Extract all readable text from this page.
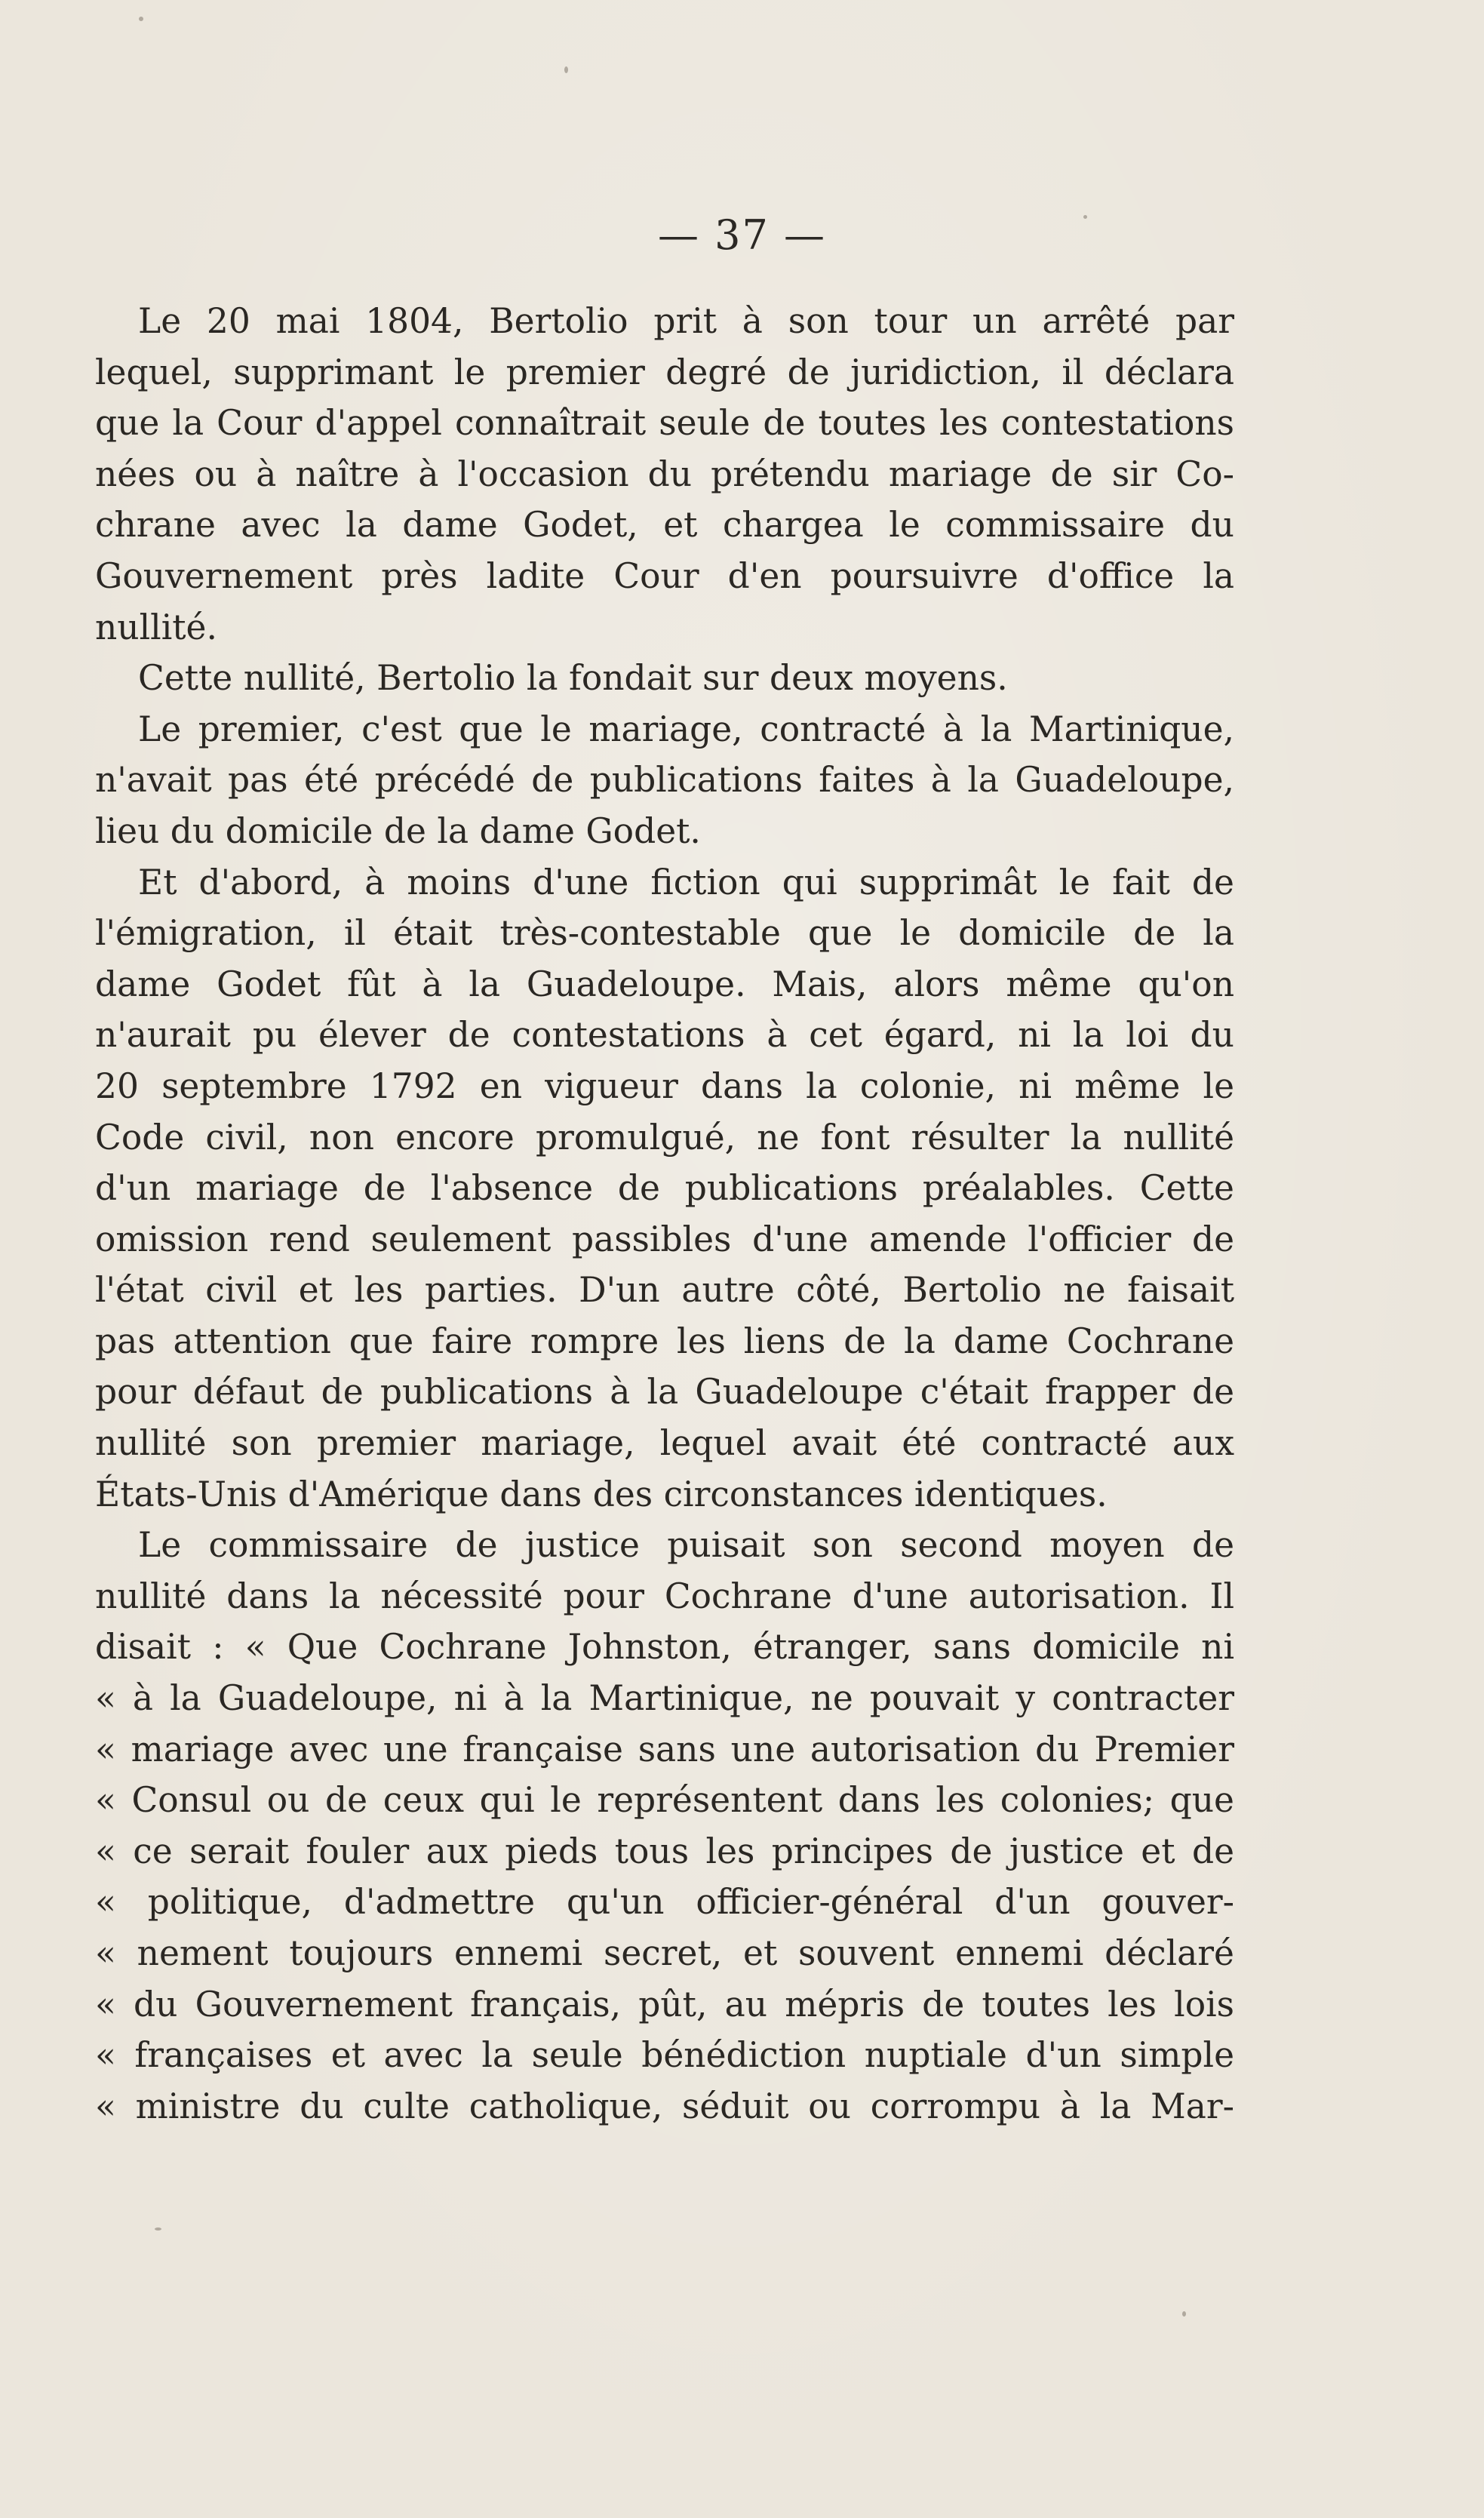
— 37 —
Le 20 mai 1804, Bertolio prit à son tour un arrêté par
lequel, supprimant le premier degré de juridiction, il déclara
que la Cour d'appel connaîtrait seule de toutes les contestations
nées ou à naître à l'occasion du prétendu mariage de sir Co-
chrane avec la dame Godet, et chargea le commissaire du
Gouvernement près ladite Cour d'en poursuivre d'office la
nullité.
Cette nullité, Bertolio la fondait sur deux moyens.
Le premier, c'est que le mariage, contracté à la Martinique,
n'avait pas été précédé de publications faites à la Guadeloupe,
lieu du domicile de la dame Godet.
Et d'abord, à moins d'une fiction qui supprimât le fait de
l'émigration, il était très-contestable que le domicile de la
dame Godet fût à la Guadeloupe. Mais, alors même qu'on
n'aurait pu élever de contestations à cet égard, ni la loi du
20 septembre 1792 en vigueur dans la colonie, ni même le
Code civil, non encore promulgué, ne font résulter la nullité
d'un mariage de l'absence de publications préalables. Cette
omission rend seulement passibles d'une amende l'officier de
l'état civil et les parties. D'un autre côté, Bertolio ne faisait
pas attention que faire rompre les liens de la dame Cochrane
pour défaut de publications à la Guadeloupe c'était frapper de
nullité son premier mariage, lequel avait été contracté aux
États-Unis d'Amérique dans des circonstances identiques.
Le commissaire de justice puisait son second moyen de
nullité dans la nécessité pour Cochrane d'une autorisation. Il
disait : « Que Cochrane Johnston, étranger, sans domicile ni
« à la Guadeloupe, ni à la Martinique, ne pouvait y contracter
« mariage avec une française sans une autorisation du Premier
« Consul ou de ceux qui le représentent dans les colonies; que
« ce serait fouler aux pieds tous les principes de justice et de
« politique, d'admettre qu'un officier-général d'un gouver-
« nement toujours ennemi secret, et souvent ennemi déclaré
« du Gouvernement français, pût, au mépris de toutes les lois
« françaises et avec la seule bénédiction nuptiale d'un simple
« ministre du culte catholique, séduit ou corrompu à la Mar-
